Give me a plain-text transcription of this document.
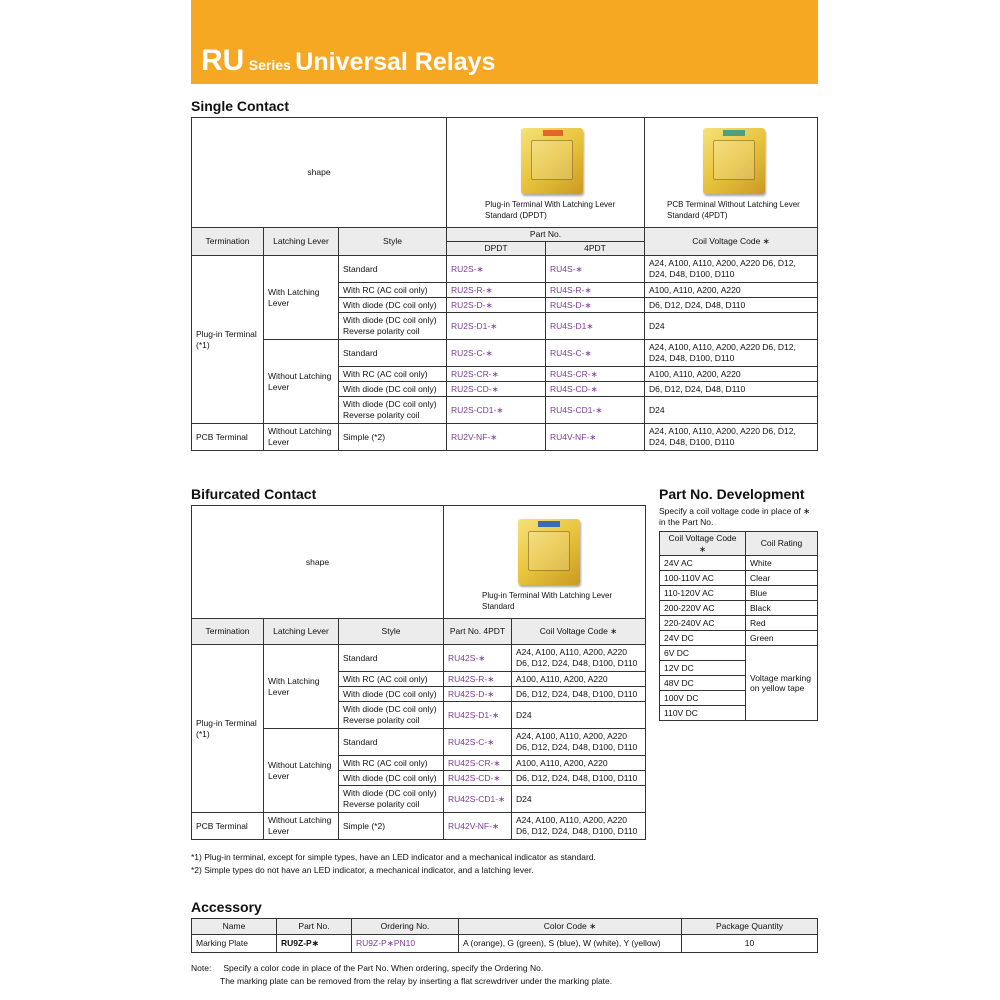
RU Series Universal Relays
Single Contact
shape			Plug-in Terminal With Latching Lever Standard (DPDT)		PCB Terminal Without Latching Lever Standard (4PDT)

Termination	Latching Lever	Style	Part No.		Coil Voltage Code ∗
			DPDT	4PDT	
Plug-in Terminal (*1)	With Latching Lever	Standard	RU2S-∗	RU4S-∗	A24, A100, A110, A200, A220 D6, D12, D24, D48, D100, D110
		With RC (AC coil only)	RU2S-R-∗	RU4S-R-∗	A100, A110, A200, A220
		With diode (DC coil only)	RU2S-D-∗	RU4S-D-∗	D6, D12, D24, D48, D110
		With diode (DC coil only) Reverse polarity coil	RU2S-D1-∗	RU4S-D1∗	D24
	Without Latching Lever	Standard	RU2S-C-∗	RU4S-C-∗	A24, A100, A110, A200, A220 D6, D12, D24, D48, D100, D110
		With RC (AC coil only)	RU2S-CR-∗	RU4S-CR-∗	A100, A110, A200, A220
		With diode (DC coil only)	RU2S-CD-∗	RU4S-CD-∗	D6, D12, D24, D48, D110
		With diode (DC coil only) Reverse polarity coil	RU2S-CD1-∗	RU4S-CD1-∗	D24
PCB Terminal	Without Latching Lever	Simple (*2)	RU2V-NF-∗	RU4V-NF-∗	A24, A100, A110, A200, A220 D6, D12, D24, D48, D100, D110
Bifurcated Contact
shape			Plug-in Terminal With Latching Lever Standard	

Termination	Latching Lever	Style	Part No. 4PDT	Coil Voltage Code ∗
Plug-in Terminal (*1)	With Latching Lever	Standard	RU42S-∗	A24, A100, A110, A200, A220 D6, D12, D24, D48, D100, D110
		With RC (AC coil only)	RU42S-R-∗	A100, A110, A200, A220
		With diode (DC coil only)	RU42S-D-∗	D6, D12, D24, D48, D100, D110
		With diode (DC coil only) Reverse polarity coil	RU42S-D1-∗	D24
	Without Latching Lever	Standard	RU42S-C-∗	A24, A100, A110, A200, A220 D6, D12, D24, D48, D100, D110
		With RC (AC coil only)	RU42S-CR-∗	A100, A110, A200, A220
		With diode (DC coil only)	RU42S-CD-∗	D6, D12, D24, D48, D100, D110
		With diode (DC coil only) Reverse polarity coil	RU42S-CD1-∗	D24
PCB Terminal	Without Latching Lever	Simple (*2)	RU42V-NF-∗	A24, A100, A110, A200, A220 D6, D12, D24, D48, D100, D110
*1) Plug-in terminal, except for simple types, have an LED indicator and a mechanical indicator as standard.
*2) Simple types do not have an LED indicator, a mechanical indicator, and a latching lever.
Part No. Development
Specify a coil voltage code in place of ∗ in the Part No.
Coil Voltage Code ∗	Coil Rating
24V AC	White
100-110V AC	Clear
110-120V AC	Blue
200-220V AC	Black
220-240V AC	Red
24V DC	Green
6V DC	Voltage marking on yellow tape
12V DC	
48V DC	
100V DC	
110V DC	
Accessory
Name	Part No.	Ordering No.	Color Code ∗	Package Quantity
Marking Plate	RU9Z-P∗	RU9Z-P∗PN10	A (orange), G (green), S (blue), W (white), Y (yellow)	10
Note: Specify a color code in place of the Part No. When ordering, specify the Ordering No.
The marking plate can be removed from the relay by inserting a flat screwdriver under the marking plate.
